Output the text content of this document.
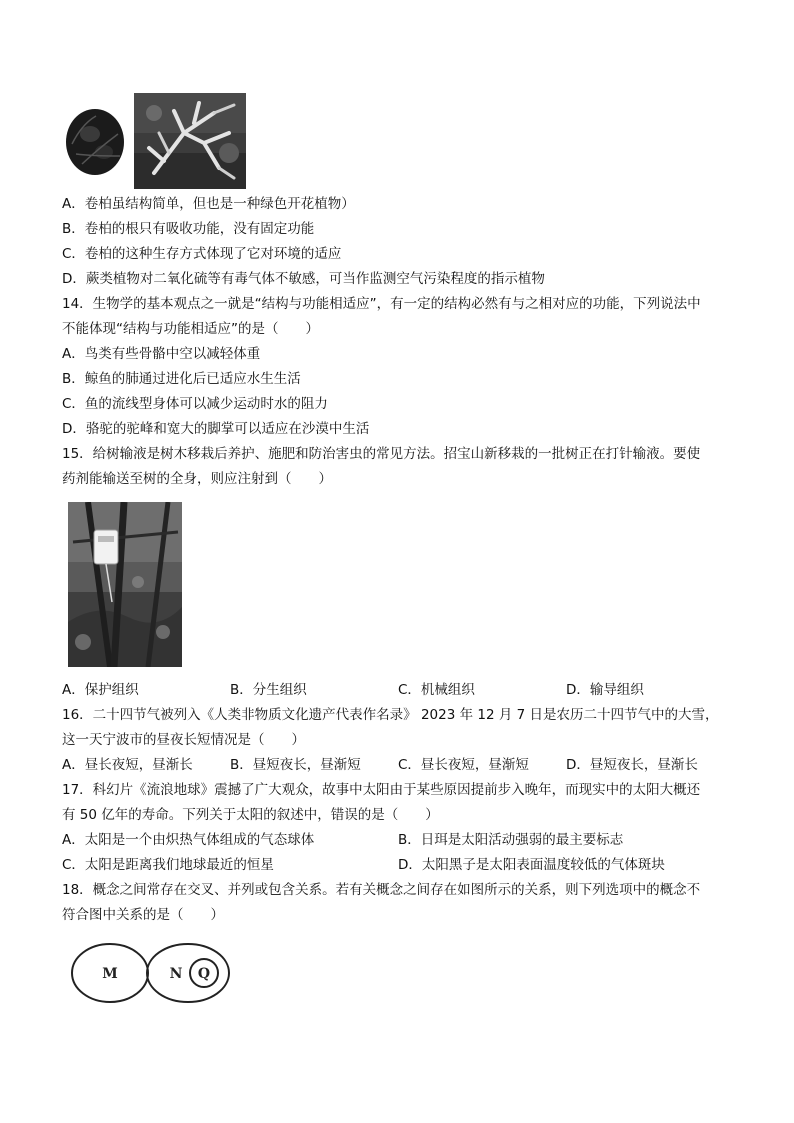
A．卷柏虽结构简单，但也是一种绿色开花植物）
B．卷柏的根只有吸收功能，没有固定功能
C．卷柏的这种生存方式体现了它对环境的适应
D．蕨类植物对二氧化硫等有毒气体不敏感，可当作监测空气污染程度的指示植物
14．生物学的基本观点之一就是“结构与功能相适应”，有一定的结构必然有与之相对应的功能，下列说法中
不能体现“结构与功能相适应”的是（　　）
A．鸟类有些骨骼中空以减轻体重
B．鲸鱼的肺通过进化后已适应水生生活
C．鱼的流线型身体可以减少运动时水的阻力
D．骆驼的驼峰和宽大的脚掌可以适应在沙漠中生活
15．给树输液是树木移栽后养护、施肥和防治害虫的常见方法。招宝山新移栽的一批树正在打针输液。要使
药剂能输送至树的全身，则应注射到（　　）
A．保护组织	B．分生组织	C．机械组织	D．输导组织
16．二十四节气被列入《人类非物质文化遗产代表作名录》 2023 年 12 月 7 日是农历二十四节气中的大雪，
这一天宁波市的昼夜长短情况是（　　）
A．昼长夜短，昼渐长	B．昼短夜长，昼渐短	C．昼长夜短，昼渐短	D．昼短夜长，昼渐长
17．科幻片《流浪地球》震撼了广大观众，故事中太阳由于某些原因提前步入晚年，而现实中的太阳大概还
有 50 亿年的寿命。下列关于太阳的叙述中，错误的是（　　）
A．太阳是一个由炽热气体组成的气态球体	B．日珥是太阳活动强弱的最主要标志
C．太阳是距离我们地球最近的恒星	D．太阳黑子是太阳表面温度较低的气体斑块
18．概念之间常存在交叉、并列或包含关系。若有关概念之间存在如图所示的关系，则下列选项中的概念不
符合图中关系的是（　　）
M	N Q
